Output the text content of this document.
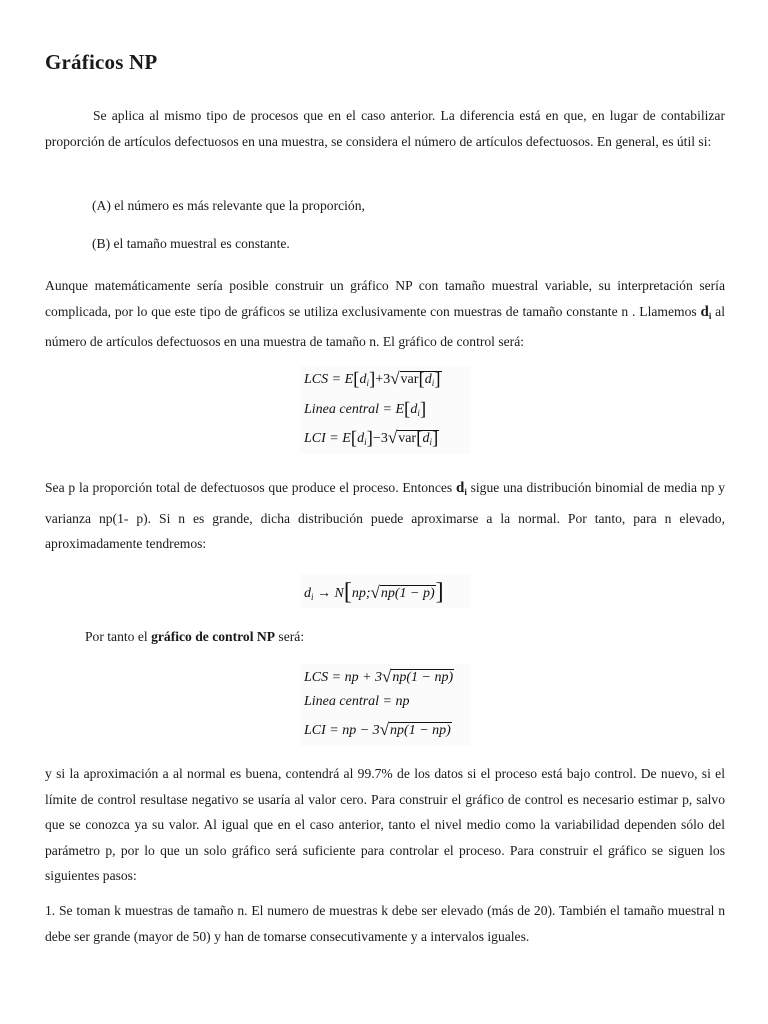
Gráficos NP

Se aplica al mismo tipo de procesos que en el caso anterior. La diferencia está en que, en lugar de contabilizar proporción de artículos defectuosos en una muestra, se considera el número de artículos defectuosos. En general, es útil si:

(A) el número es más relevante que la proporción,

(B) el tamaño muestral es constante.

Aunque matemáticamente sería posible construir un gráfico NP con tamaño muestral variable, su interpretación sería complicada, por lo que este tipo de gráficos se utiliza exclusivamente con muestras de tamaño constante n . Llamemos $d_i$ al número de artículos defectuosos en una muestra de tamaño n. El gráfico de control será:

LCS = $E[d_i]+3√var[d_i]$
Linea central = $E[d_i]$
LCI = $E[d_i]-3√var[d_i]$

Sea p la proporción total de defectuosos que produce el proceso. Entonces $d_i$ sigue una distribución binomial de media np y varianza np(1- p). Si n es grande, dicha distribución puede aproximarse a la normal. Por tanto, para n elevado, aproximadamente tendremos:

$d_i$ → N[np;√np(1 − p)]

Por tanto el gráfico de control NP será:

LCS = np + 3√np(1 − np)
Linea central = np
LCI = np − 3√np(1 − np)

y si la aproximación a al normal es buena, contendrá al 99.7% de los datos si el proceso está bajo control. De nuevo, si el límite de control resultase negativo se usaría al valor cero. Para construir el gráfico de control es necesario estimar p, salvo que se conozca ya su valor. Al igual que en el caso anterior, tanto el nivel medio como la variabilidad dependen sólo del parámetro p, por lo que un solo gráfico será suficiente para controlar el proceso. Para construir el gráfico se siguen los siguientes pasos:

1. Se toman k muestras de tamaño n. El numero de muestras k debe ser elevado (más de 20). También el tamaño muestral n debe ser grande (mayor de 50) y han de tomarse consecutivamente y a intervalos iguales.
